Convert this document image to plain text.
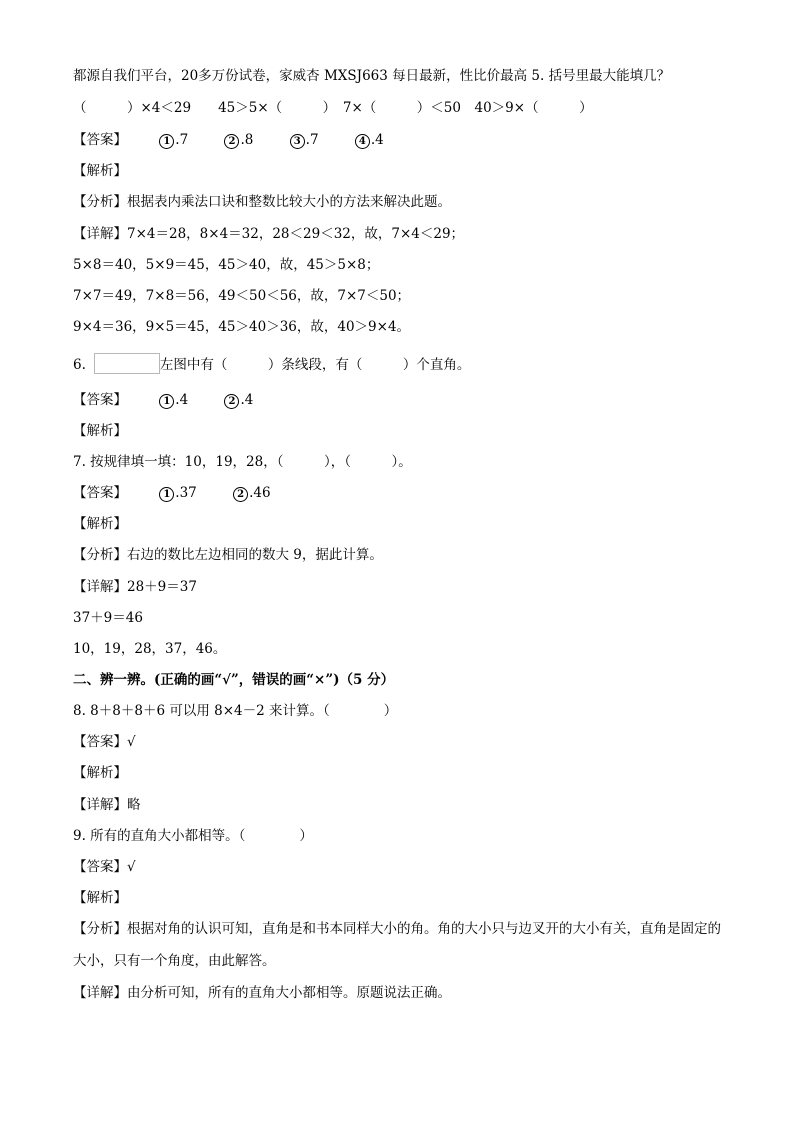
都源自我们平台，20多万份试卷，家威杏 MXSJ663 每日最新，性比价最高 5. 括号里最大能填几？
（　　　）×4＜29　　45＞5×（　　　）　7×（　　　）＜50　40＞9×（　　　）
【答案】	1 .7	2 .8	3 .7	4 .4
【解析】
【分析】根据表内乘法口诀和整数比较大小的方法来解决此题。
【详解】7×4＝28，8×4＝32，28＜29＜32，故，7×4＜29；
5×8＝40，5×9＝45，45＞40，故，45＞5×8；
7×7＝49，7×8＝56，49＜50＜56，故，7×7＜50；
9×4＝36，9×5＝45，45＞40＞36，故，40＞9×4。
6.	左图中有（　　　）条线段，有（　　　）个直角。
【答案】	1 .4	2 .4
【解析】
7. 按规律填一填：10，19，28，（　　　），（　　　）。
【答案】	1 .37	2 .46
【解析】
【分析】右边的数比左边相同的数大 9，据此计算。
【详解】28＋9＝37
37＋9＝46
10，19，28，37，46。
二、辨一辨。(正确的画“√”，错误的画“×”)（5 分）
8. 8＋8＋8＋6 可以用 8×4－2 来计算。（　　　　）
【答案】√
【解析】
【详解】略
9. 所有的直角大小都相等。（　　　　）
【答案】√
【解析】
【分析】根据对角的认识可知，直角是和书本同样大小的角。角的大小只与边叉开的大小有关，直角是固定的大小，只有一个角度，由此解答。
【详解】由分析可知，所有的直角大小都相等。原题说法正确。
